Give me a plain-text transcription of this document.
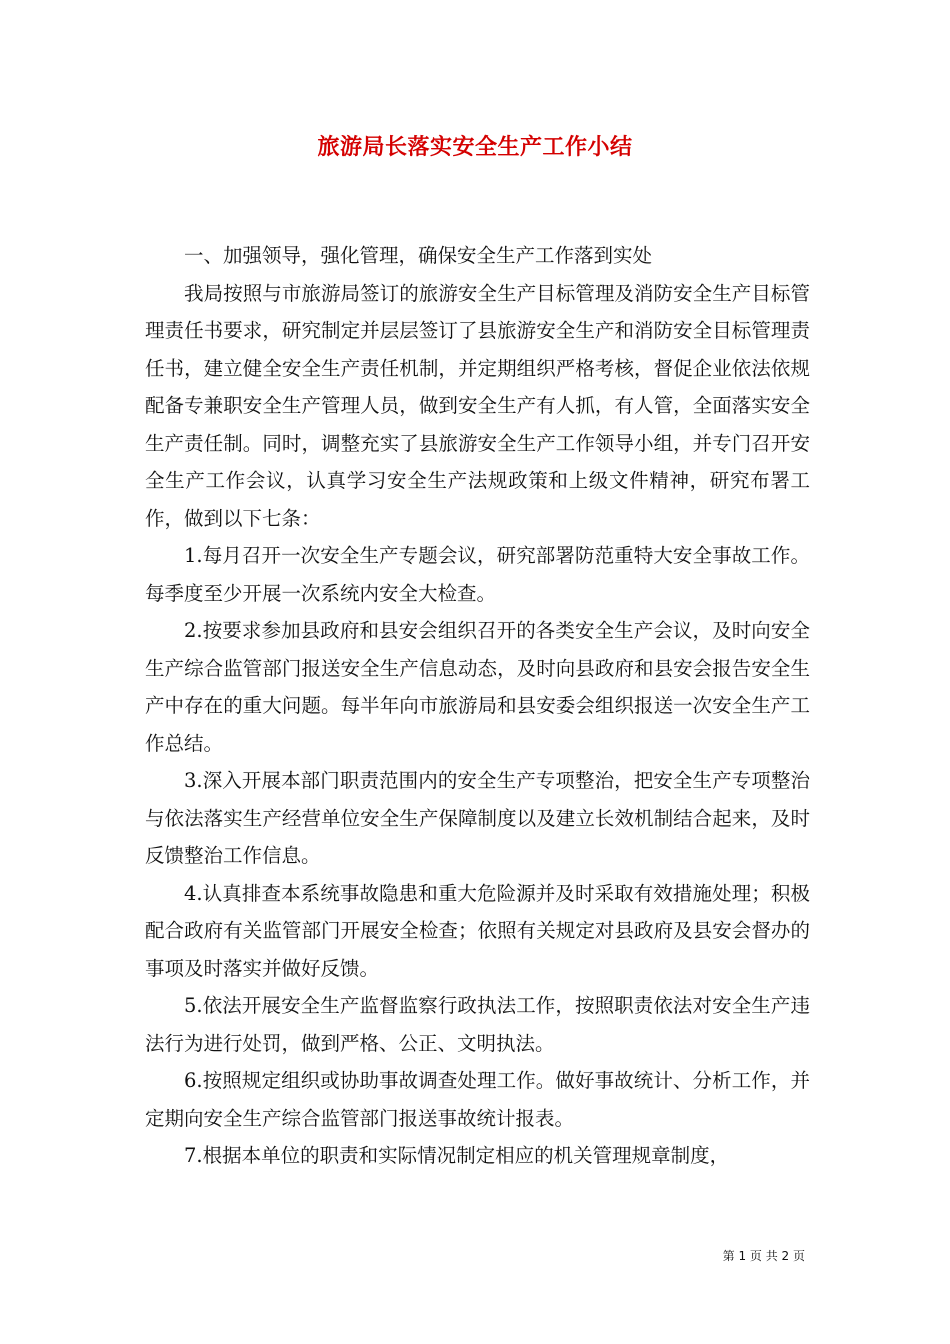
旅游局长落实安全生产工作小结

一、加强领导，强化管理，确保安全生产工作落到实处

我局按照与市旅游局签订的旅游安全生产目标管理及消防安全生产目标管理责任书要求，研究制定并层层签订了县旅游安全生产和消防安全目标管理责任书，建立健全安全生产责任机制，并定期组织严格考核，督促企业依法依规配备专兼职安全生产管理人员，做到安全生产有人抓，有人管，全面落实安全生产责任制。同时，调整充实了县旅游安全生产工作领导小组，并专门召开安全生产工作会议，认真学习安全生产法规政策和上级文件精神，研究布署工作，做到以下七条：

1.每月召开一次安全生产专题会议，研究部署防范重特大安全事故工作。每季度至少开展一次系统内安全大检查。

2.按要求参加县政府和县安会组织召开的各类安全生产会议，及时向安全生产综合监管部门报送安全生产信息动态，及时向县政府和县安会报告安全生产中存在的重大问题。每半年向市旅游局和县安委会组织报送一次安全生产工作总结。

3.深入开展本部门职责范围内的安全生产专项整治，把安全生产专项整治与依法落实生产经营单位安全生产保障制度以及建立长效机制结合起来，及时反馈整治工作信息。

4.认真排查本系统事故隐患和重大危险源并及时采取有效措施处理；积极配合政府有关监管部门开展安全检查；依照有关规定对县政府及县安会督办的事项及时落实并做好反馈。

5.依法开展安全生产监督监察行政执法工作，按照职责依法对安全生产违法行为进行处罚，做到严格、公正、文明执法。

6.按照规定组织或协助事故调查处理工作。做好事故统计、分析工作，并定期向安全生产综合监管部门报送事故统计报表。

7.根据本单位的职责和实际情况制定相应的机关管理规章制度，

第 1 页 共 2 页
